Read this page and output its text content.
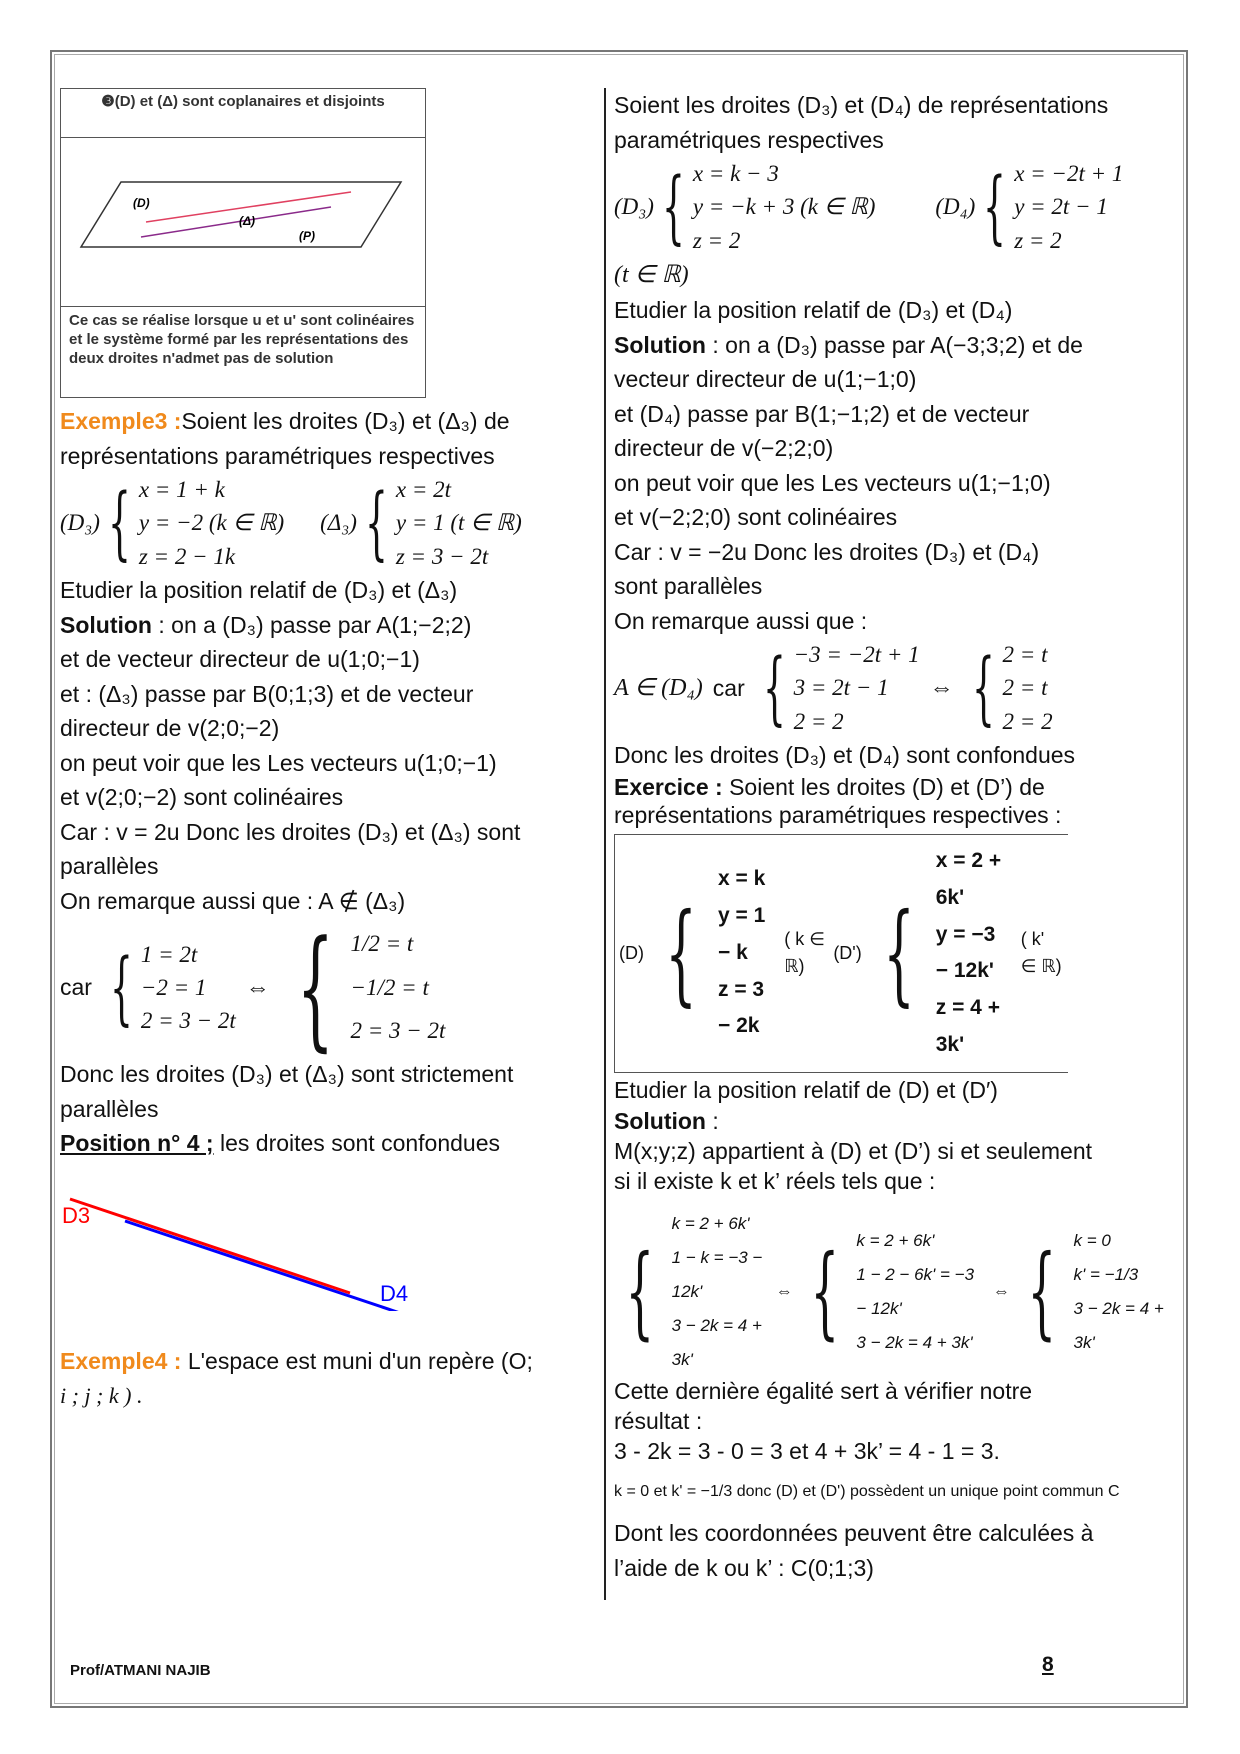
❸(D) et (Δ) sont coplanaires et disjoints
(D)
(Δ)
(P)
Ce cas se réalise lorsque u et u' sont colinéaires et le système formé par les représentations des deux droites n'admet pas de solution

Exemple3 :Soient les droites (D₃) et (Δ₃) de

représentations paramétriques respectives

(D₃) { x = 1 + k
y = −2 (k ∈ ℝ)
z = 2 − 1k
(Δ₃) { x = 2t
y = 1 (t ∈ ℝ)
z = 3 − 2t

Etudier la position relatif de (D₃) et (Δ₃)

Solution : on a (D₃) passe par A(1;−2;2)

et de vecteur directeur de u(1;0;−1)

et : (Δ₃) passe par B(0;1;3) et de vecteur

directeur de v(2;0;−2)

on peut voir que les Les vecteurs u(1;0;−1)

et v(2;0;−2) sont colinéaires

Car : v = 2u Donc les droites (D₃) et (Δ₃) sont

parallèles

On remarque aussi que : A ∉ (Δ₃)

car { 1 = 2t
−2 = 1
2 = 3 − 2t
⇔ { 1/2 = t
−1/2 = t
2 = 3 − 2t

Donc les droites (D₃) et (Δ₃) sont strictement

parallèles

Position n° 4 ; les droites sont confondues

D3
D4

Exemple4 : L'espace est muni d'un repère (O;

i ; j ; k ) .

Soient les droites (D₃) et (D₄) de représentations

paramétriques respectives

(D₃) { x = k − 3
y = −k + 3 (k ∈ ℝ)
z = 2
(D₄) { x = −2t + 1
y = 2t − 1
z = 2

(t ∈ ℝ)

Etudier la position relatif de (D₃) et (D₄)

Solution : on a (D₃) passe par A(−3;3;2) et de

vecteur directeur de u(1;−1;0)

et (D₄) passe par B(1;−1;2) et de vecteur

directeur de v(−2;2;0)

on peut voir que les Les vecteurs u(1;−1;0)

et v(−2;2;0) sont colinéaires

Car : v = −2u Donc les droites (D₃) et (D₄)

sont parallèles

On remarque aussi que :

A ∈ (D₄) car { −3 = −2t + 1
3 = 2t − 1
2 = 2
⇔ { 2 = t
2 = t
2 = 2

Donc les droites (D₃) et (D₄) sont confondues

Exercice : Soient les droites (D) et (D’) de

représentations paramétriques respectives :

(D) {
x = k
y = 1 − k
z = 3 − 2k
( k ∈ ℝ)
(D') {
x = 2 + 6k'
y = −3 − 12k'
z = 4 + 3k'
( k' ∈ ℝ)

Etudier la position relatif de (D) et (D′)

Solution :

M(x;y;z) appartient à (D) et (D’) si et seulement

si il existe k et k’ réels tels que :

{
k = 2 + 6k'
1 − k = −3 − 12k'
3 − 2k = 4 + 3k'
⇔ { k = 2 + 6k'
1 − 2 − 6k' = −3 − 12k'
3 − 2k = 4 + 3k'
⇔ { k = 0
k' = −1/3
3 − 2k = 4 + 3k'

Cette dernière égalité sert à vérifier notre

résultat :

3 - 2k = 3 - 0 = 3 et 4 + 3k’ = 4 - 1 = 3.

k = 0 et k' = −1/3 donc (D) et (D') possèdent un unique point commun C

Dont les coordonnées peuvent être calculées à

l’aide de k ou k’ : C(0;1;3)

Prof/ATMANI NAJIB	8
